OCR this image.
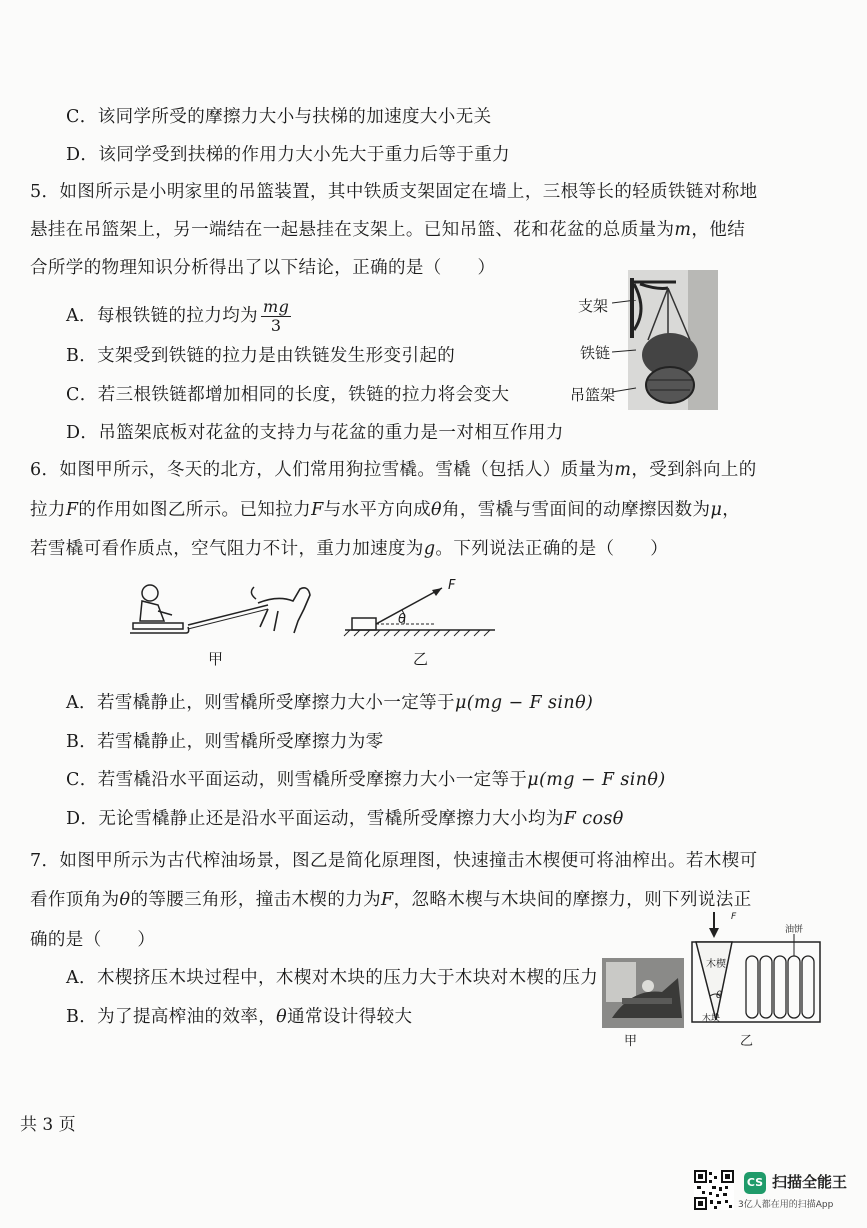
C．该同学所受的摩擦力大小与扶梯的加速度大小无关
D．该同学受到扶梯的作用力大小先大于重力后等于重力
5．如图所示是小明家里的吊篮装置，其中铁质支架固定在墙上，三根等长的轻质铁链对称地
悬挂在吊篮架上，另一端结在一起悬挂在支架上。已知吊篮、花和花盆的总质量为m，他结
合所学的物理知识分析得出了以下结论，正确的是（　　）
A．每根铁链的拉力均为 $\frac{mg}{3}$
B．支架受到铁链的拉力是由铁链发生形变引起的
C．若三根铁链都增加相同的长度，铁链的拉力将会变大
D．吊篮架底板对花盆的支持力与花盆的重力是一对相互作用力
支架
铁链
吊篮架
6．如图甲所示，冬天的北方，人们常用狗拉雪橇。雪橇（包括人）质量为m，受到斜向上的
拉力F的作用如图乙所示。已知拉力F与水平方向成θ角，雪橇与雪面间的动摩擦因数为μ，
若雪橇可看作质点，空气阻力不计，重力加速度为g。下列说法正确的是（　　）
甲
F
θ
乙
A．若雪橇静止，则雪橇所受摩擦力大小一定等于μ(mg − F sinθ)
B．若雪橇静止，则雪橇所受摩擦力为零
C．若雪橇沿水平面运动，则雪橇所受摩擦力大小一定等于μ(mg − F sinθ)
D．无论雪橇静止还是沿水平面运动，雪橇所受摩擦力大小均为F cosθ
7．如图甲所示为古代榨油场景，图乙是简化原理图，快速撞击木楔便可将油榨出。若木楔可
看作顶角为θ的等腰三角形，撞击木楔的力为F，忽略木楔与木块间的摩擦力，则下列说法正
确的是（　　）
A．木楔挤压木块过程中，木楔对木块的压力大于木块对木楔的压力
B．为了提高榨油的效率，θ通常设计得较大
甲
F
木楔
θ
木块
油饼
乙
共 3 页
CS 扫描全能王
3亿人都在用的扫描App
